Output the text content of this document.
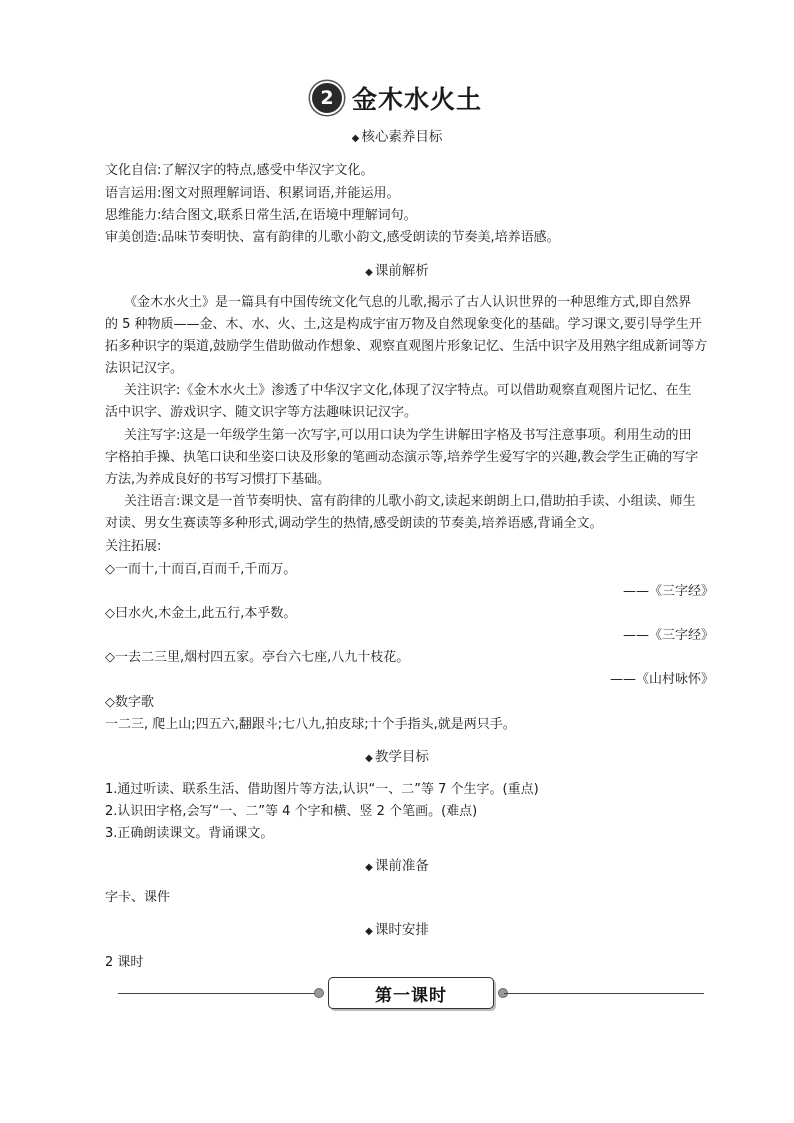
2 金木水火土
◆ 核心素养目标
文化自信:了解汉字的特点,感受中华汉字文化。
语言运用:图文对照理解词语、积累词语,并能运用。
思维能力:结合图文,联系日常生活,在语境中理解词句。
审美创造:品味节奏明快、富有韵律的儿歌小韵文,感受朗读的节奏美,培养语感。
◆ 课前解析
《金木水火土》是一篇具有中国传统文化气息的儿歌,揭示了古人认识世界的一种思维方式,即自然界
的 5 种物质——金、木、水、火、土,这是构成宇宙万物及自然现象变化的基础。学习课文,要引导学生开
拓多种识字的渠道,鼓励学生借助做动作想象、观察直观图片形象记忆、生活中识字及用熟字组成新词等方
法识记汉字。
关注识字:《金木水火土》渗透了中华汉字文化,体现了汉字特点。可以借助观察直观图片记忆、在生
活中识字、游戏识字、随文识字等方法趣味识记汉字。
关注写字:这是一年级学生第一次写字,可以用口诀为学生讲解田字格及书写注意事项。利用生动的田
字格拍手操、执笔口诀和坐姿口诀及形象的笔画动态演示等,培养学生爱写字的兴趣,教会学生正确的写字
方法,为养成良好的书写习惯打下基础。
关注语言:课文是一首节奏明快、富有韵律的儿歌小韵文,读起来朗朗上口,借助拍手读、小组读、师生
对读、男女生赛读等多种形式,调动学生的热情,感受朗读的节奏美,培养语感,背诵全文。
关注拓展:
◇一而十,十而百,百而千,千而万。
——《三字经》
◇曰水火,木金土,此五行,本乎数。
——《三字经》
◇一去二三里,烟村四五家。亭台六七座,八九十枝花。
——《山村咏怀》
◇数字歌
一二三, 爬上山;四五六,翻跟斗;七八九,拍皮球;十个手指头,就是两只手。
◆ 教学目标
1.通过听读、联系生活、借助图片等方法,认识“一、二”等 7 个生字。(重点)
2.认识田字格,会写“一、二”等 4 个字和横、竖 2 个笔画。(难点)
3.正确朗读课文。背诵课文。
◆ 课前准备
字卡、课件
◆ 课时安排
2 课时
第一课时
